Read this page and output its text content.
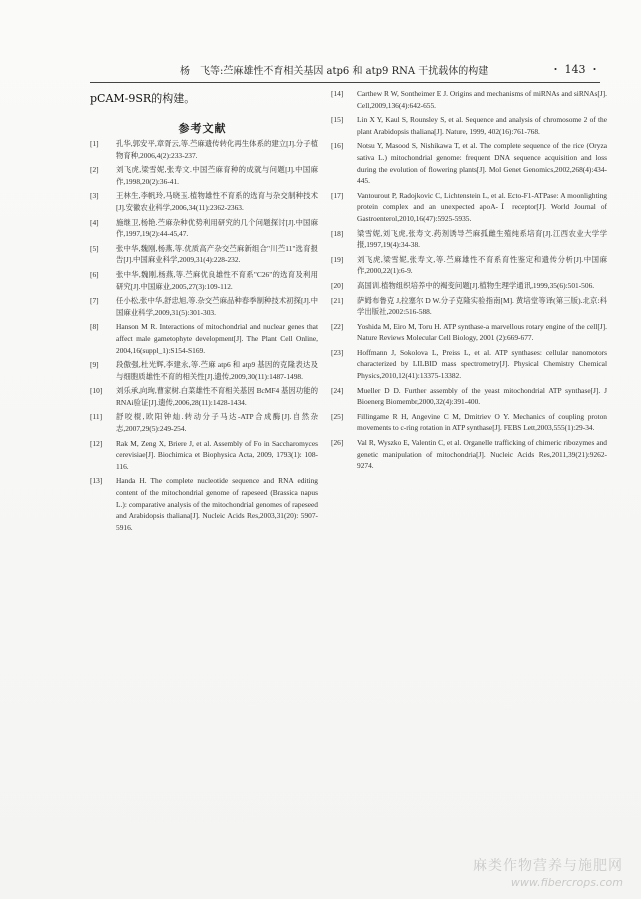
杨　飞等:苎麻雄性不育相关基因 atp6 和 atp9 RNA 干扰载体的构建	・ 143 ・
pCAM-9SR的构建。
参考文献
[1] 孔华,郭安平,章胥云,等.苎麻遗传转化再生体系的建立[J].分子植物育种,2006,4(2):233-237.
[2] 刘飞虎,梁雪妮,张寿文.中国苎麻育种的成就与问题[J].中国麻作,1998,20(2):36-41.
[3] 王林生,李帆玲,马晓玉.植物雄性不育系的选育与杂交制种技术[J].安徽农业科学,2006,34(11):2362-2363.
[4] 施继卫,杨艳.苎麻杂种优势利用研究的几个问题探讨[J].中国麻作,1997,19(2):44-45,47.
[5] 张中华,魏刚,杨燕,等.优质高产杂交苎麻新组合"川苎11"选育报告[J].中国麻业科学,2009,31(4):228-232.
[6] 张中华,魏刚,杨燕,等.苎麻优良雄性不育系"C26"的选育及利用研究[J].中国麻业,2005,27(3):109-112.
[7] 任小松,张中华,舒忠旭,等.杂交苎麻品种春季制种技术初探[J].中国麻业科学,2009,31(5):301-303.
[8] Hanson M R. Interactions of mitochondrial and nuclear genes that affect male gametophyte development[J]. The Plant Cell Online, 2004,16(suppl_1):S154-S169.
[9] 段傲强,杜光辉,李建永,等.苎麻 atp6 和 atp9 基因的克隆表达及与细胞质雄性不育的相关性[J].遗传,2009,30(11):1487-1498.
[10] 刘乐承,向珣,曹家树.白菜雄性不育相关基因 BcMF4 基因功能的 RNAi验证[J].遗传,2006,28(11):1428-1434.
[11] 舒咬棍,欧阳钟灿.转动分子马达-ATP合成酶[J].自然杂志,2007,29(5):249-254.
[12] Rak M, Zeng X, Briere J, et al. Assembly of Fo in Saccharomyces cerevisiae[J]. Biochimica et Biophysica Acta, 2009, 1793(1): 108-116.
[13] Handa H. The complete nucleotide sequence and RNA editing content of the mitochondrial genome of rapeseed (Brassica napus L.): comparative analysis of the mitochondrial genomes of rapeseed and Arabidopsis thaliana[J]. Nucleic Acids Res,2003,31(20): 5907-5916.
[14] Carthew R W, Sontheimer E J. Origins and mechanisms of miRNAs and siRNAs[J]. Cell,2009,136(4):642-655.
[15] Lin X Y, Kaul S, Rounsley S, et al. Sequence and analysis of chromosome 2 of the plant Arabidopsis thaliana[J]. Nature, 1999, 402(16):761-768.
[16] Notsu Y, Masood S, Nishikawa T, et al. The complete sequence of the rice (Oryza sativa L.) mitochondrial genome: frequent DNA sequence acquisition and loss during the evolution of flowering plants[J]. Mol Genet Genomics,2002,268(4):434-445.
[17] Vantourout P, Radojkovic C, Lichtenstein L, et al. Ecto-F1-ATPase: A moonlighting protein complex and an unexpected apoA-Ⅰ receptor[J]. World Journal of Gastroenterol,2010,16(47):5925-5935.
[18] 梁雪妮,刘飞虎,张寿文.药剂诱导苎麻孤雌生殖纯系培育[J].江西农业大学学报,1997,19(4):34-38.
[19] 刘飞虎,梁雪妮,张寿文,等.苎麻雄性不育系育性鉴定和遗传分析[J].中国麻作,2000,22(1):6-9.
[20] 高国训.植物组织培养中的褐变问题[J].植物生理学通讯,1999,35(6):501-506.
[21] 萨姆布鲁克 J,拉塞尔 D W.分子克隆实验指南[M]. 黄培堂等译(第三版).北京:科学出版社,2002:516-588.
[22] Yoshida M, Eiro M, Toru H. ATP synthase-a marvellous rotary engine of the cell[J]. Nature Reviews Molecular Cell Biology, 2001 (2):669-677.
[23] Hoffmann J, Sokolova L, Preiss L, et al. ATP synthases: cellular nanomotors characterized by LILBID mass spectrometry[J]. Physical Chemistry Chemical Physics,2010,12(41):13375-13382.
[24] Mueller D D. Further assembly of the yeast mitochondrial ATP synthase[J]. J Bioenerg Biomembr,2000,32(4):391-400.
[25] Fillingame R H, Angevine C M, Dmitriev O Y. Mechanics of coupling proton movements to c-ring rotation in ATP synthase[J]. FEBS Lett,2003,555(1):29-34.
[26] Val R, Wyszko E, Valentin C, et al. Organelle trafficking of chimeric ribozymes and genetic manipulation of mitochondria[J]. Nucleic Acids Res,2011,39(21):9262-9274.
麻类作物营养与施肥网
www.fibercrops.com
